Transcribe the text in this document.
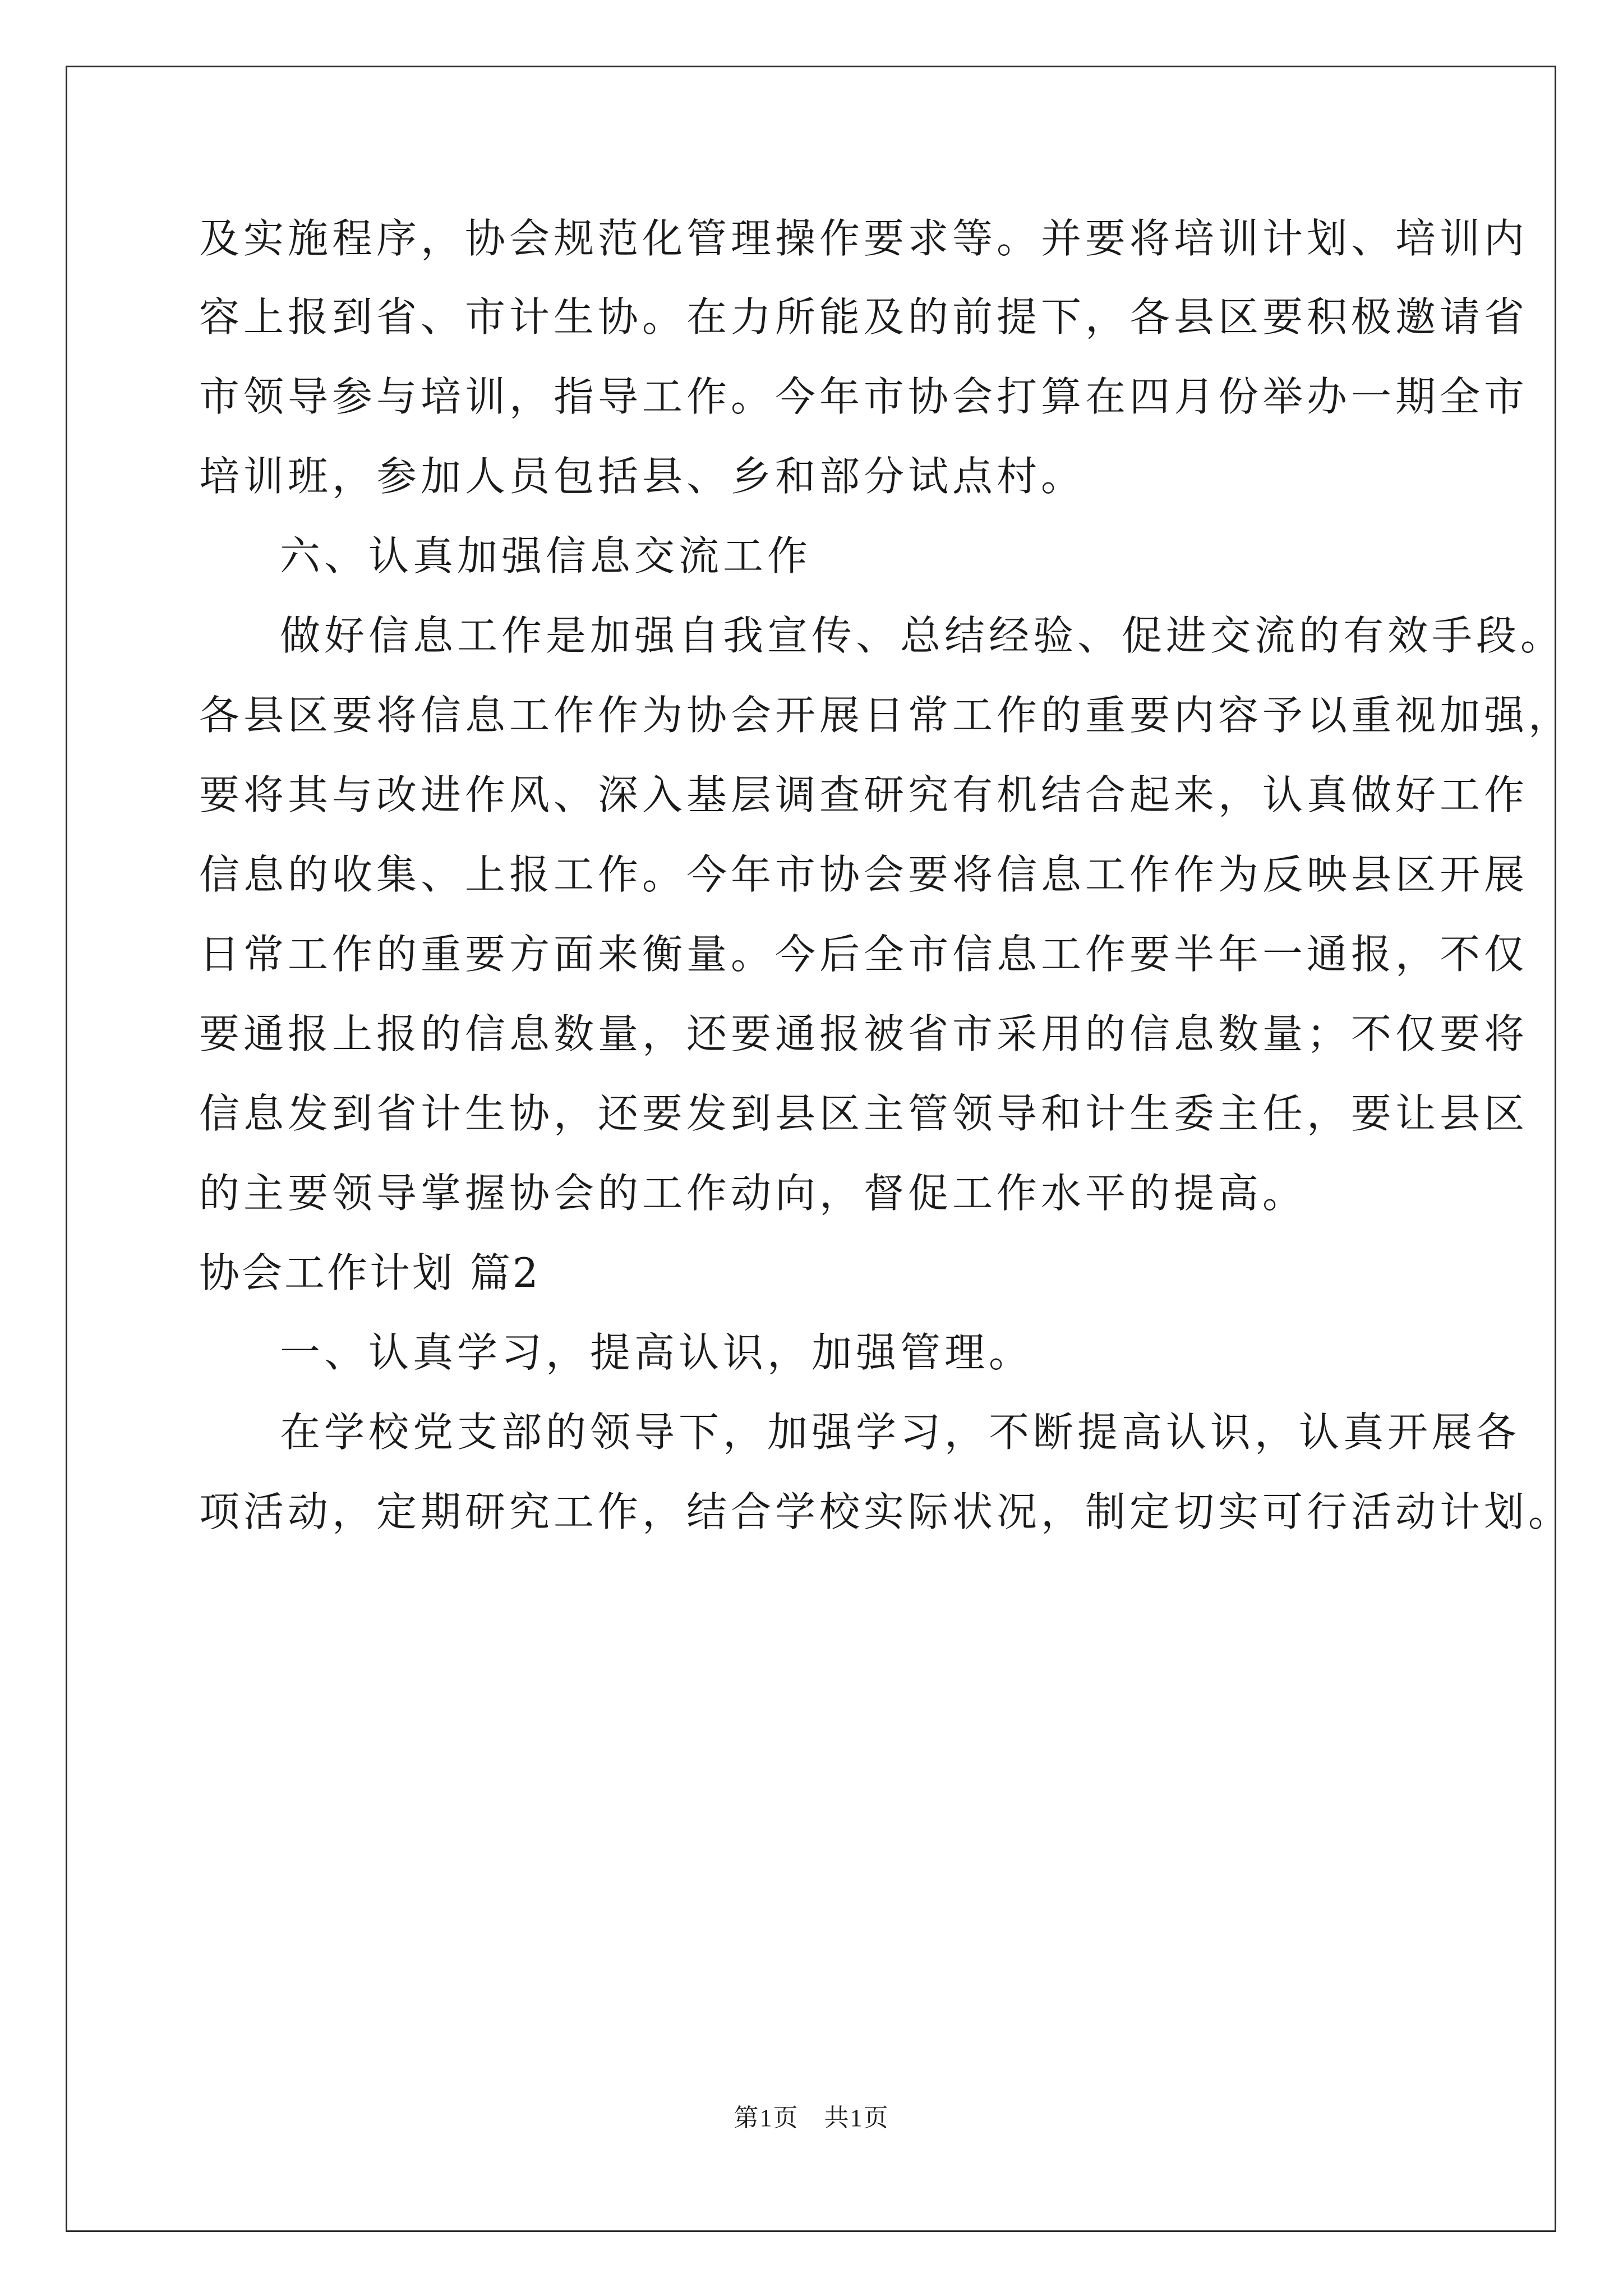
及实施程序，协会规范化管理操作要求等。并要将培训计划、培训内
容上报到省、市计生协。在力所能及的前提下，各县区要积极邀请省
市领导参与培训，指导工作。今年市协会打算在四月份举办一期全市
培训班，参加人员包括县、乡和部分试点村。
六、认真加强信息交流工作
做好信息工作是加强自我宣传、总结经验、促进交流的有效手段。
各县区要将信息工作作为协会开展日常工作的重要内容予以重视加强，
要将其与改进作风、深入基层调查研究有机结合起来，认真做好工作
信息的收集、上报工作。今年市协会要将信息工作作为反映县区开展
日常工作的重要方面来衡量。今后全市信息工作要半年一通报，不仅
要通报上报的信息数量，还要通报被省市采用的信息数量；不仅要将
信息发到省计生协，还要发到县区主管领导和计生委主任，要让县区
的主要领导掌握协会的工作动向，督促工作水平的提高。
协会工作计划 篇2
一、认真学习，提高认识，加强管理。
在学校党支部的领导下，加强学习，不断提高认识，认真开展各
项活动，定期研究工作，结合学校实际状况，制定切实可行活动计划。
第1页 共1页
